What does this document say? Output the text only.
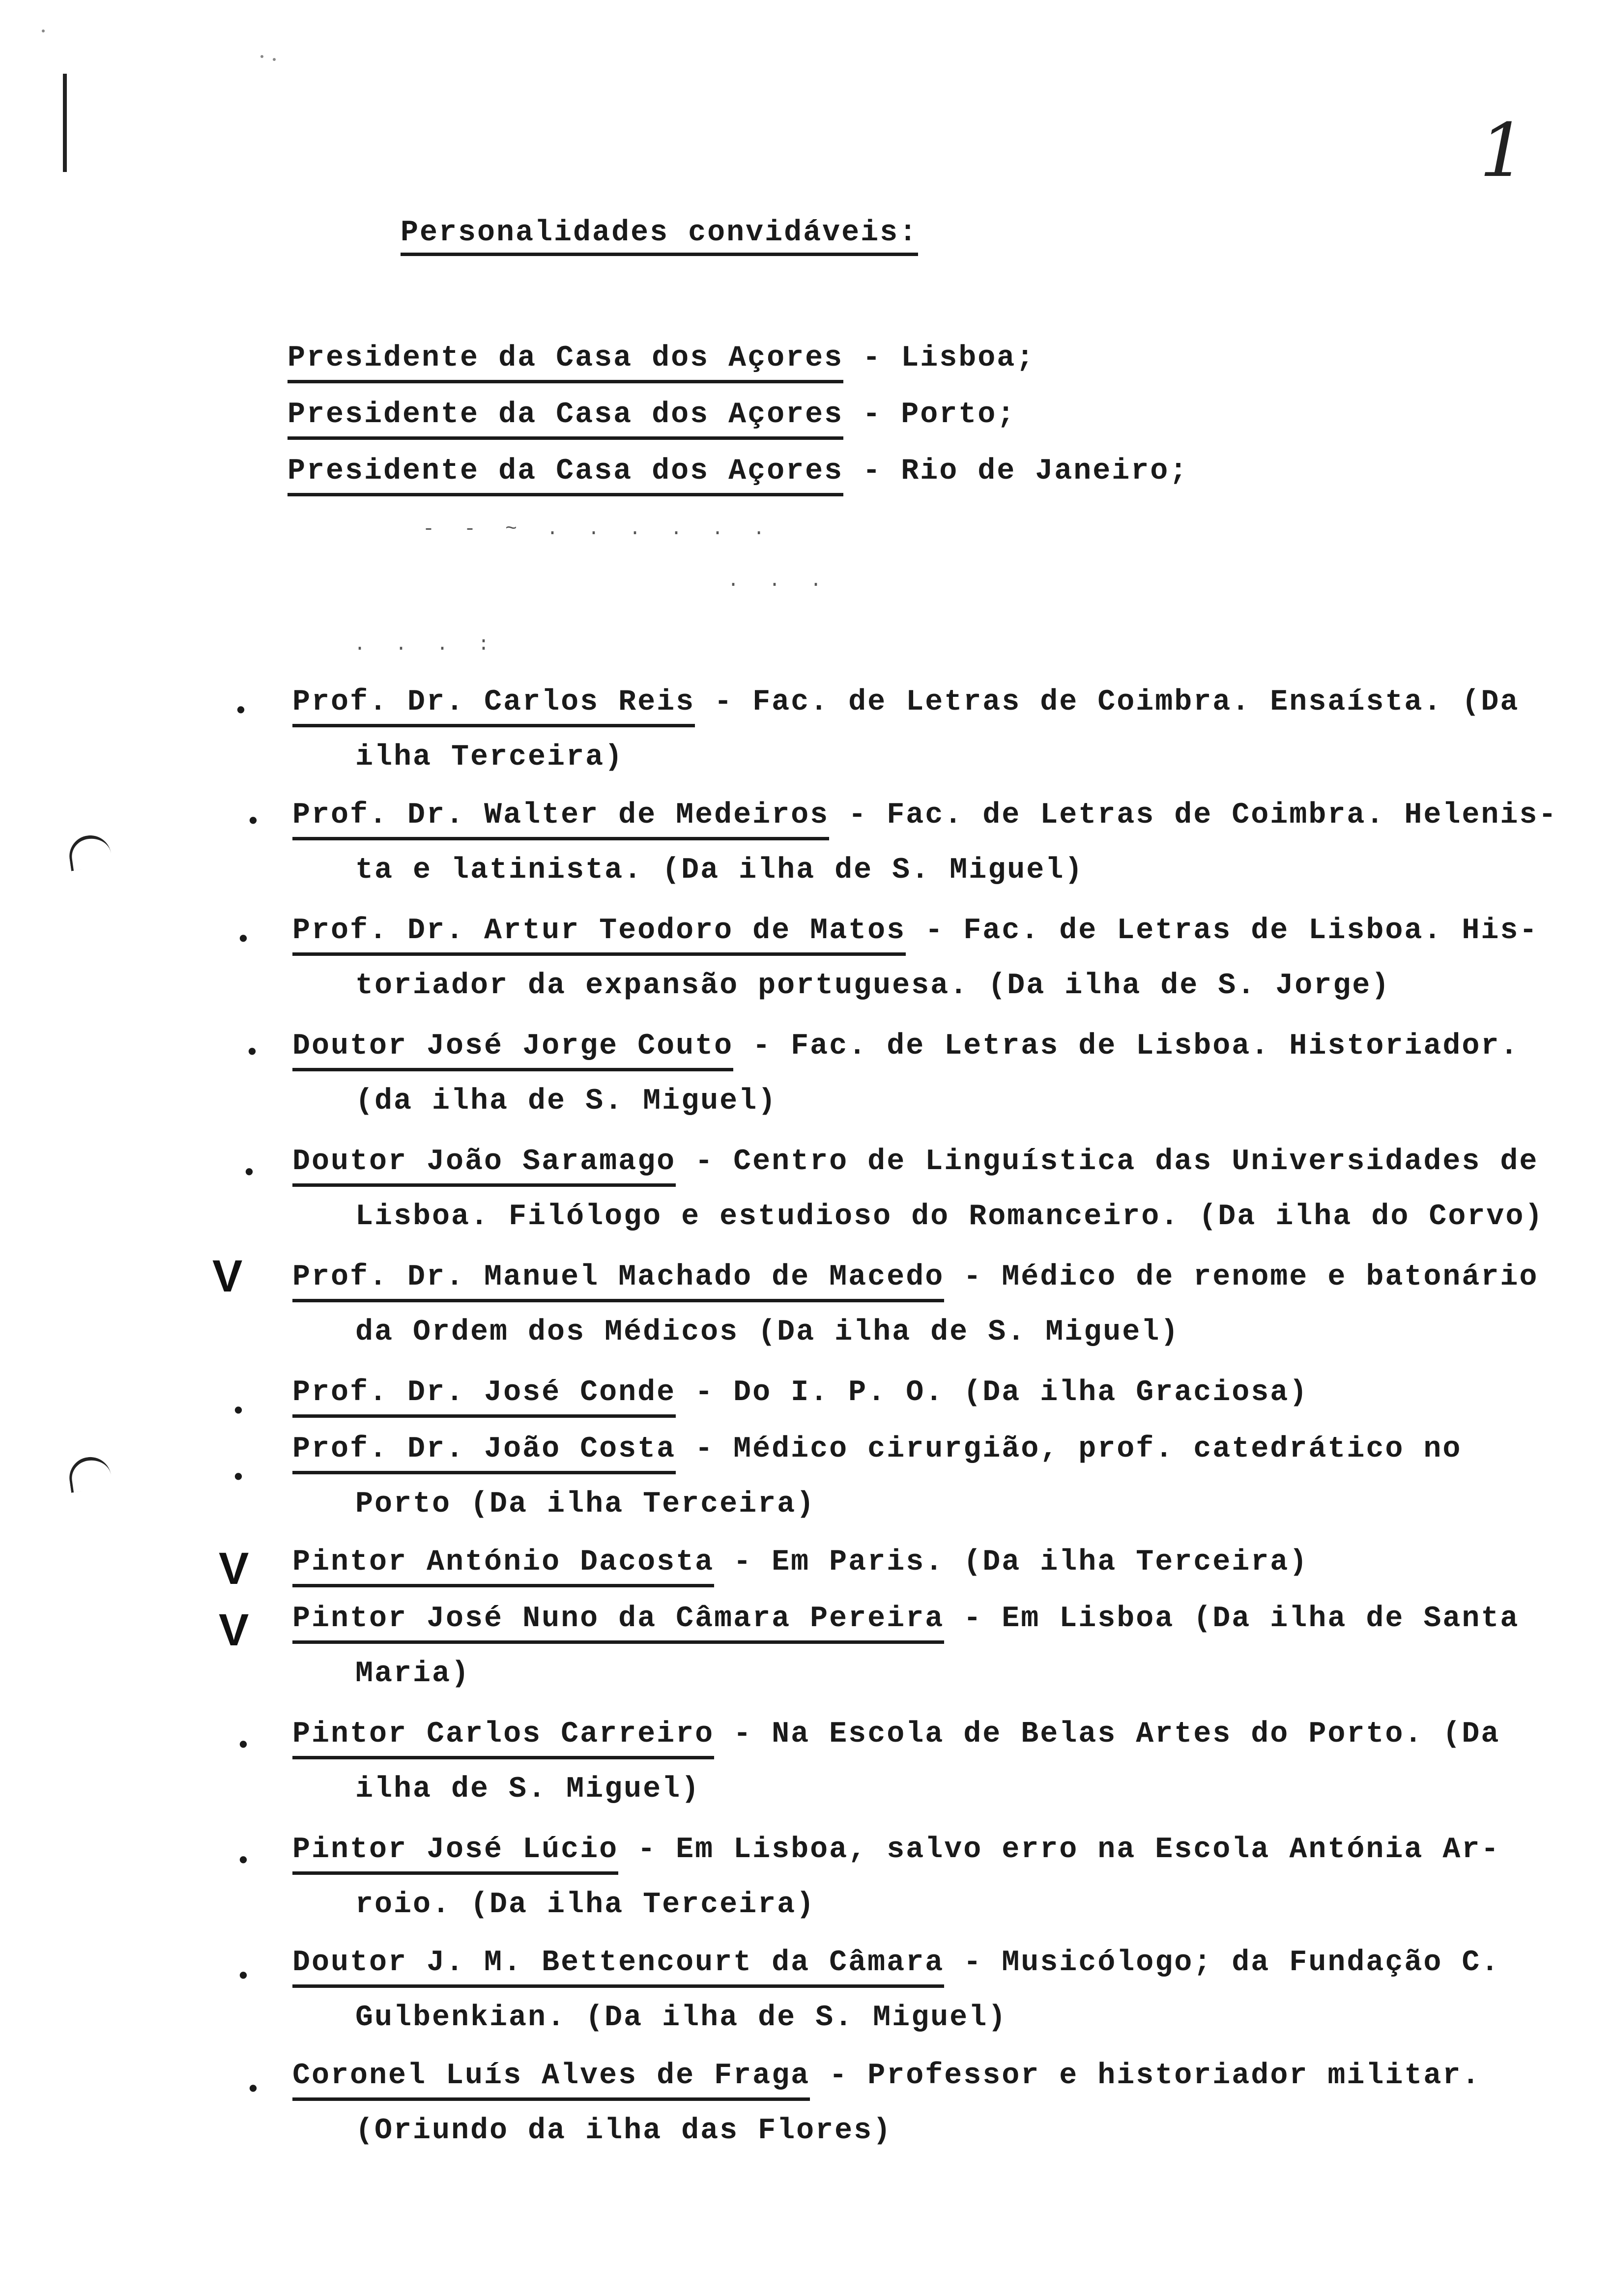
1
Personalidades convidáveis:
Presidente da Casa dos Açores - Lisboa;
Presidente da Casa dos Açores - Porto;
Presidente da Casa dos Açores - Rio de Janeiro;
- - ~ . . . . . .
. . .
. . . :
• Prof. Dr. Carlos Reis - Fac. de Letras de Coimbra. Ensaísta. (Da
ilha Terceira)
• Prof. Dr. Walter de Medeiros - Fac. de Letras de Coimbra. Helenis-
ta e latinista. (Da ilha de S. Miguel)
• Prof. Dr. Artur Teodoro de Matos - Fac. de Letras de Lisboa. His-
toriador da expansão portuguesa. (Da ilha de S. Jorge)
• Doutor José Jorge Couto - Fac. de Letras de Lisboa. Historiador.
(da ilha de S. Miguel)
• Doutor João Saramago - Centro de Linguística das Universidades de
Lisboa. Filólogo e estudioso do Romanceiro. (Da ilha do Corvo)
V Prof. Dr. Manuel Machado de Macedo - Médico de renome e batonário
da Ordem dos Médicos (Da ilha de S. Miguel)
•
Prof. Dr. José Conde - Do I. P. O. (Da ilha Graciosa)
•
Prof. Dr. João Costa - Médico cirurgião, prof. catedrático no
Porto (Da ilha Terceira)
V Pintor António Dacosta - Em Paris. (Da ilha Terceira)
V Pintor José Nuno da Câmara Pereira - Em Lisboa (Da ilha de Santa
Maria)
• Pintor Carlos Carreiro - Na Escola de Belas Artes do Porto. (Da
ilha de S. Miguel)
• Pintor José Lúcio - Em Lisboa, salvo erro na Escola Antónia Ar-
roio. (Da ilha Terceira)
• Doutor J. M. Bettencourt da Câmara - Musicólogo; da Fundação C.
Gulbenkian. (Da ilha de S. Miguel)
• Coronel Luís Alves de Fraga - Professor e historiador militar.
(Oriundo da ilha das Flores)
